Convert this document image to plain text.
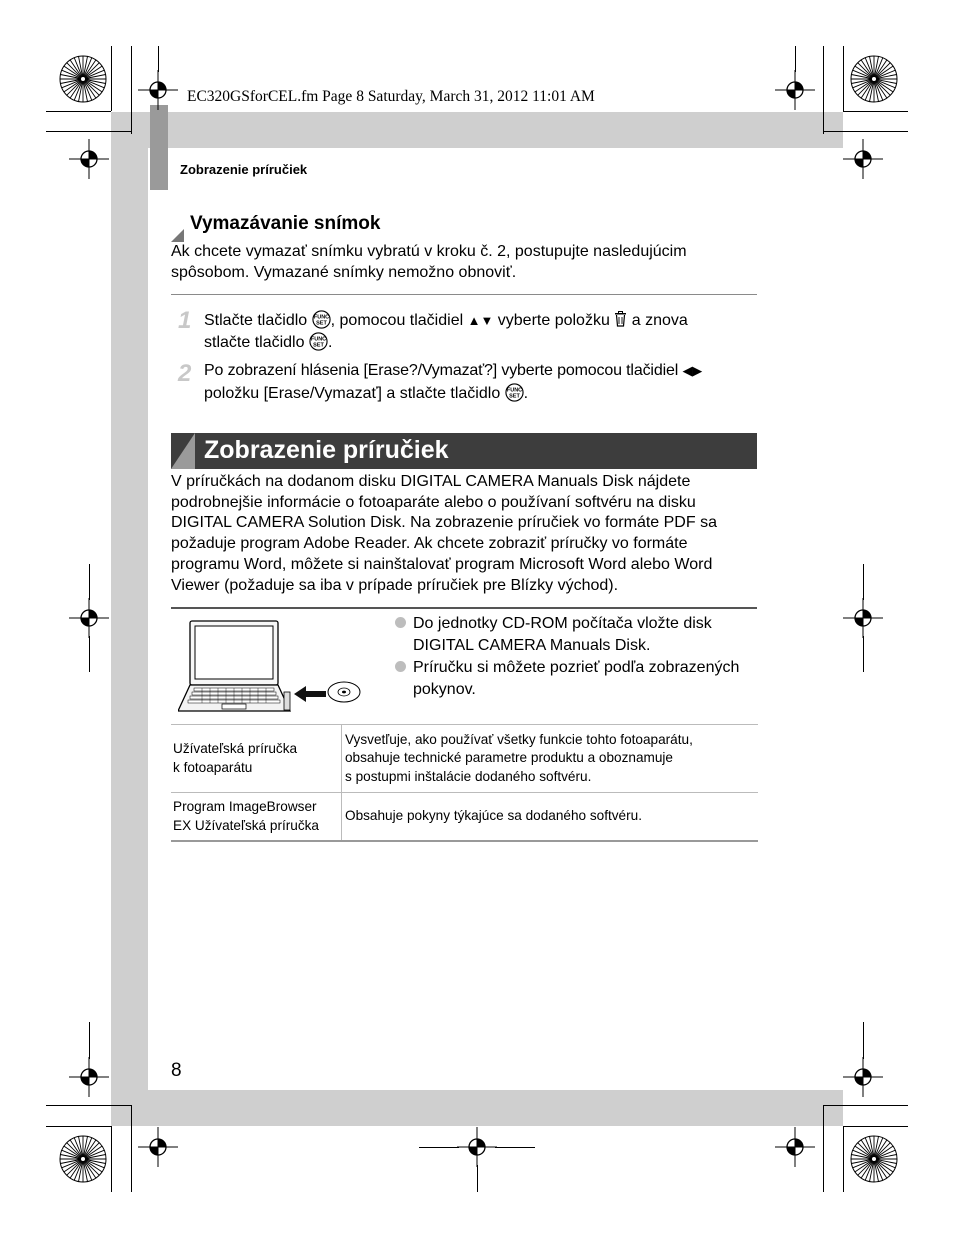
EC320GSforCEL.fm Page 8 Saturday, March 31, 2012 11:01 AM
Zobrazenie príručiek
Vymazávanie snímok
Ak chcete vymazať snímku vybratú v kroku č. 2, postupujte nasledujúcim
spôsobom. Vymazané snímky nemožno obnoviť.
1 Stlačte tlačidlo , pomocou tlačidiel ▲▼ vyberte položku a znova
stlačte tlačidlo .
2 Po zobrazení hlásenia [Erase?/Vymazať?] vyberte pomocou tlačidiel ◀▶
položku [Erase/Vymazať] a stlačte tlačidlo .
Zobrazenie príručiek
V príručkách na dodanom disku DIGITAL CAMERA Manuals Disk nájdete
podrobnejšie informácie o fotoaparáte alebo o používaní softvéru na disku
DIGITAL CAMERA Solution Disk. Na zobrazenie príručiek vo formáte PDF sa
požaduje program Adobe Reader. Ak chcete zobraziť príručky vo formáte
programu Word, môžete si nainštalovať program Microsoft Word alebo Word
Viewer (požaduje sa iba v prípade príručiek pre Blízky východ).
Do jednotky CD-ROM počítača vložte disk
DIGITAL CAMERA Manuals Disk.
Príručku si môžete pozrieť podľa zobrazených
pokynov.
Užívateľská príručka
k fotoaparátu
Vysvetľuje, ako používať všetky funkcie tohto fotoaparátu,
obsahuje technické parametre produktu a oboznamuje
s postupmi inštalácie dodaného softvéru.
Program ImageBrowser
EX Užívateľská príručka
Obsahuje pokyny týkajúce sa dodaného softvéru.
8
